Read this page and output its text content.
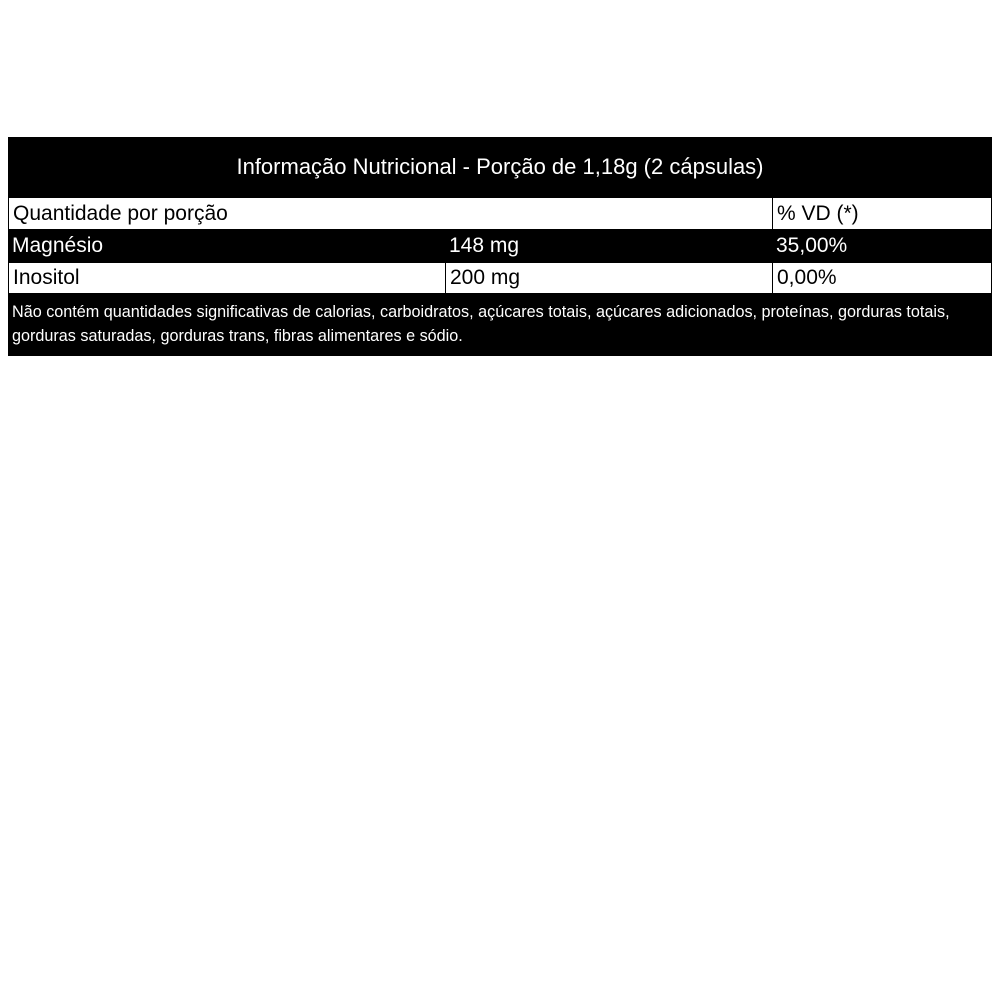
Informação Nutricional - Porção de 1,18g (2 cápsulas)
Quantidade por porção	% VD (*)
Magnésio	148 mg	35,00%
Inositol	200 mg	0,00%
Não contém quantidades significativas de calorias, carboidratos, açúcares totais, açúcares adicionados, proteínas, gorduras totais, gorduras saturadas, gorduras trans, fibras alimentares e sódio.
